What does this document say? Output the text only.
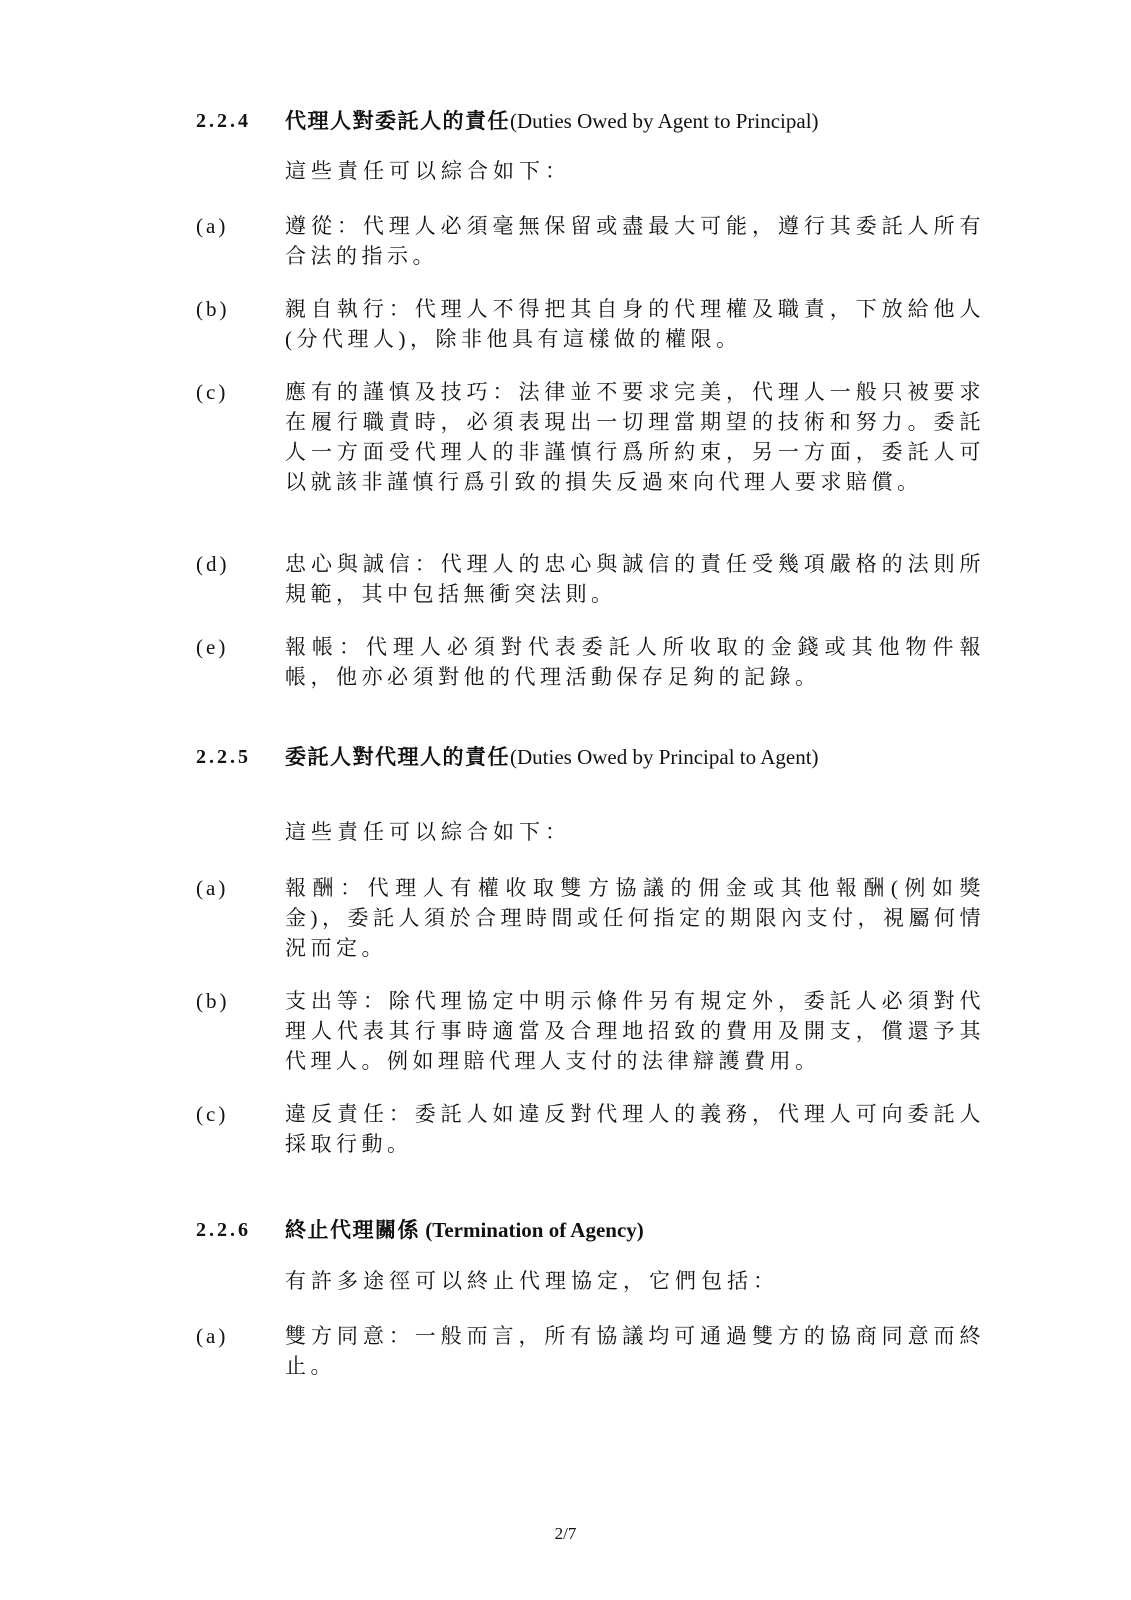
2.2.4 代理人對委託人的責任(Duties Owed by Agent to Principal)
這些責任可以綜合如下：
(a)	遵從：代理人必須毫無保留或盡最大可能，遵行其委託人所有合法的指示。
(b)	親自執行：代理人不得把其自身的代理權及職責，下放給他人(分代理人)，除非他具有這樣做的權限。
(c)	應有的謹慎及技巧：法律並不要求完美，代理人一般只被要求在履行職責時，必須表現出一切理當期望的技術和努力。委託人一方面受代理人的非謹慎行爲所約束，另一方面，委託人可以就該非謹慎行爲引致的損失反過來向代理人要求賠償。
(d)	忠心與誠信：代理人的忠心與誠信的責任受幾項嚴格的法則所規範，其中包括無衝突法則。
(e)	報帳：代理人必須對代表委託人所收取的金錢或其他物件報帳，他亦必須對他的代理活動保存足夠的記錄。
2.2.5 委託人對代理人的責任(Duties Owed by Principal to Agent)
這些責任可以綜合如下：
(a)	報酬：代理人有權收取雙方協議的佣金或其他報酬(例如獎金)，委託人須於合理時間或任何指定的期限內支付，視屬何情況而定。
(b)	支出等：除代理協定中明示條件另有規定外，委託人必須對代理人代表其行事時適當及合理地招致的費用及開支，償還予其代理人。例如理賠代理人支付的法律辯護費用。
(c)	違反責任：委託人如違反對代理人的義務，代理人可向委託人採取行動。
2.2.6 終止代理關係 (Termination of Agency)
有許多途徑可以終止代理協定，它們包括：
(a)	雙方同意：一般而言，所有協議均可通過雙方的協商同意而終止。
2/7
